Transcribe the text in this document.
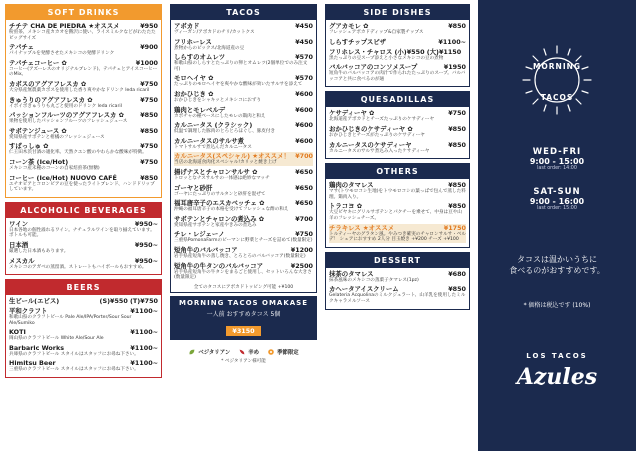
SOFT DRINKS
チチテ CHA DE PIEDRA ★オススメ	¥950
粉煎茶、メキシコ産カカオを贅沢に使い、ライスミルクなどがわたたたビッグサイズ
テパチェ	¥900
パイナップルを発酵させたメキシコの発酵ドリンク
テパチェコーヒー ✿	¥1000
コーヒー(アズーレスのオリジナルブレンド)、テパチェとアイスコーヒーのMix。
カボスのアグアフレスカ ✿	¥750
大分県産無農薬カボスを使用した香り爽やかなドリンク leda ricaril
きゅうりのアグアフレスカ ✿	¥750
イボイボきゅうりも丸ごと使用のドリンク leda ricaril
パッションフルーツのアグアフレスカ ✿	¥850
果物を使用したパッションフルーツのフレッシュジュース
サボテンジュース ✿	¥850
愛知県産サボテンと柑橘のフレッシュジュース
すばっしゅ ✿	¥750
仁王田木茨甘酒の適化率。天然クエン酸のやわらかな酸味が特徴。
コーン茶 (Ice/Hot)	¥750
メキシコ産未種のコーンの自家焙煎茶(無糖)
コーヒー (Ice/Hot) NUOVO CAFÉ	¥850
エチオピアとコロンビアの豆を使ったライトブレンド、ハンドドリップしています。
ALCOHOLIC BEVERAGES
ワイン	¥950~
日本各地の個性溢れるワイン。ナチュラルワインを取り揃えています。ボトルも可能。
日本酒	¥950~
厳選した日本酒もあります。
メスカル	¥950~
メキシコのアガベの蒸留酒。ストレートもハイボールもおすすめ。
BEERS
生ビール(エビス)	(S)¥550 (T)¥750
平和クラフト	¥1100~
和歌山県のクラフトビール Pale Ale/IPA/Porter/Sour Sour Ale/Sumiko
KOTI	¥1100~
岡山県のクラフトビール White Ale/Sour Ale
Barbaric Works	¥1100~
兵庫県のクラフトビール スタイルはスタッフにお尋ね下さい。
Himitsu Beer	¥1100~
三重県のクラフトビール スタイルはスタッフにお尋ね下さい。
TACOS
アボカド	¥450
ヴィーガン/アボカドのチリ/カットクス
フリホーレス	¥450
煮物からのピックス/北海道産の豆
しらすのオムレツ	¥570
和歌山県のしらすとたっぷりの卵とオムレツ(2個単位でのみ注文可)
モロヘイヤ ✿	¥570
たっぷりのモロヘイヤを爽やかな酸味が効いたサルサを添えて
おかひじき ✿	¥600
おかひじきをシャキッとメキシコにおずり
鶏肉とモレベルデ	¥600
カボチャの種ベースにしたモレの鶏肉と和え
カルニータス (クラシック)	¥600
低温で調理した豚肉のとろとろほぐし、豚皮付き
カルニータスのサルサ煮	¥600
トマトサルサで煮込んだカルニータス
カルニータス(スペシャル) ★オススメ！ ¥700
当店の北海道食肉化スペシャル!カリッと焼き上げ
揚げナスとチャロンサルサ ✿	¥650
トロッとなナスサルサの一体感は絶妙なマッチ
ゴーヤと砂肝	¥650
ゴーヤにたっぷりのサルタンと砂肝を混ぜて
福耳唐辛子のエスカベッチェ ✿	¥650
沖縄の福耳唐辛子の本格を受けてフレッシュな酢の和え
サボテンとチャロンの煮込み ✿	¥700
愛知県産サボテンと家産やきみの煮込み
チレ・レジェーノ	¥750
三重県PomonaFarmのピーマンに野菜とチーズを詰めて(数量限定)
短角牛のバルバッコア	¥1200
岩手県産短角牛の蒸し焼き、とろとろのバルバッコア(数量限定)
短角牛の牛タンのバルバッコア	¥2500
岩手県産短角牛の牛タンをまるごと使用し、セットいろんな大きさ(数量限定)
全てのタコスにアボカドトッピング可能 +¥100
MORNING TACOS OMAKASE
一人前 おすすめタコス 5個
¥3150
ベジタリアン	辛め	季節限定
* ベジタリアン様可能
SIDE DISHES
グアカモレ ✿	¥850
フレッシュアボカドディップ&自家製チップス
しらすチップスピザ	¥1100~
フリホレス・チャロス (小)¥550 (大)¥1150
黒たっぷりの豆スープ添えと小さなメキシコの豆の煮物
バルバッコアのコンソメスープ	¥1950
短角牛のバルバッコアの肉汁で作られたたっぷりのスープ。バルバッコアと共に食べるのが通
QUESADILLAS
ケサディーヤ ✿	¥750
北海道産アボカドとチーズたっぷりのケサディーヤ
おかひじきのケサディーヤ ✿	¥850
おかひじきとチーズがたっぷりのケサディーヤ
カルニータスのケサディーヤ	¥850
カルニータスのサルサ煮込み入ったケサディーヤ
OTHERS
鶏肉のタマレス	¥850
マサ(トウモロコシ生地)をトウモロコシの葉っぱで包んで蒸した料理。鶏肉入り。
トラコヨ ✿	¥850
大豆ビヤキにグリルサボテンとパクチーを乗せて、中身は豆や山羊のフレッシュチーズ。
チラキレス ★オススメ	¥1750
トルティーヤのグラタン風。やみつき確実のチャロンサルサ・ベルデ！ シェアにおすすめ 2人分 目玉焼き +¥200 チーズ +¥100
DESSERT
抹茶のタマレス	¥680
抹茶風味のメキシコの蒸菓子タマレス(1pz)
カヘータアイスクリーム	¥850
Gelateria Acquolinaのミルクジェラート、山羊乳を使用したミルクキャラメルソース
MORNING
TACOS
WED-FRI
9:00 - 15:00
last order: 14:00
SAT-SUN
9:00 - 16:00
last order: 15:00
タコスは温かいうちに
食べるのがおすすめです。
* 価格は税込です (10%)
LOS TACOS
Azules
